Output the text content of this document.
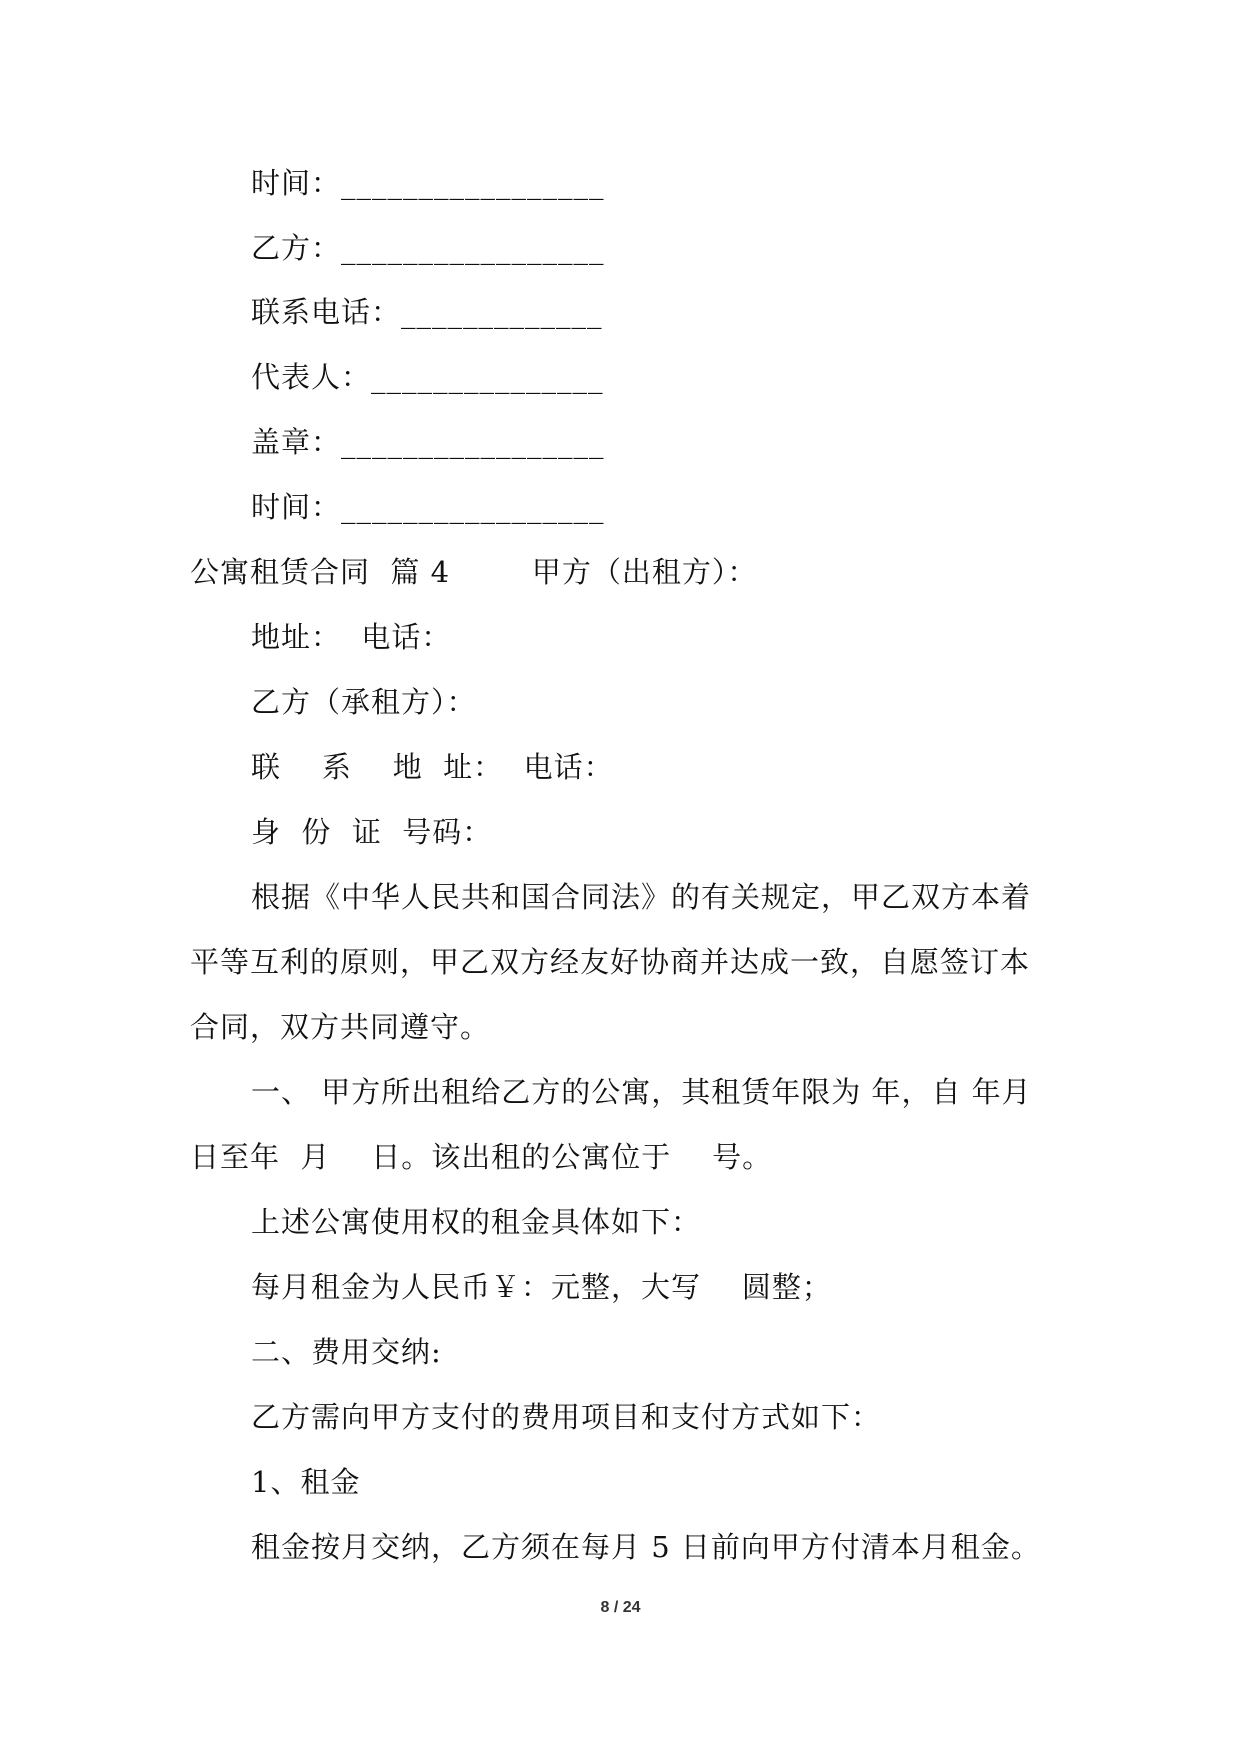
时间：_________________
乙方：_________________
联系电话：_____________
代表人：_______________
盖章：_________________
时间：_________________
公寓租赁合同  篇 4        甲方（出租方）：
地址：  电话：
乙方（承租方）：
联    系    地  址：  电话：
身  份  证  号码：
根据《中华人民共和国合同法》的有关规定，甲乙双方本着
平等互利的原则，甲乙双方经友好协商并达成一致，自愿签订本
合同，双方共同遵守。
一、 甲方所出租给乙方的公寓，其租赁年限为 年，自 年月
日至年  月    日。该出租的公寓位于    号。
上述公寓使用权的租金具体如下：
每月租金为人民币￥：元整，大写    圆整；
二、费用交纳:
乙方需向甲方支付的费用项目和支付方式如下：
1、租金
租金按月交纳，乙方须在每月 5 日前向甲方付清本月租金。
8 / 24
